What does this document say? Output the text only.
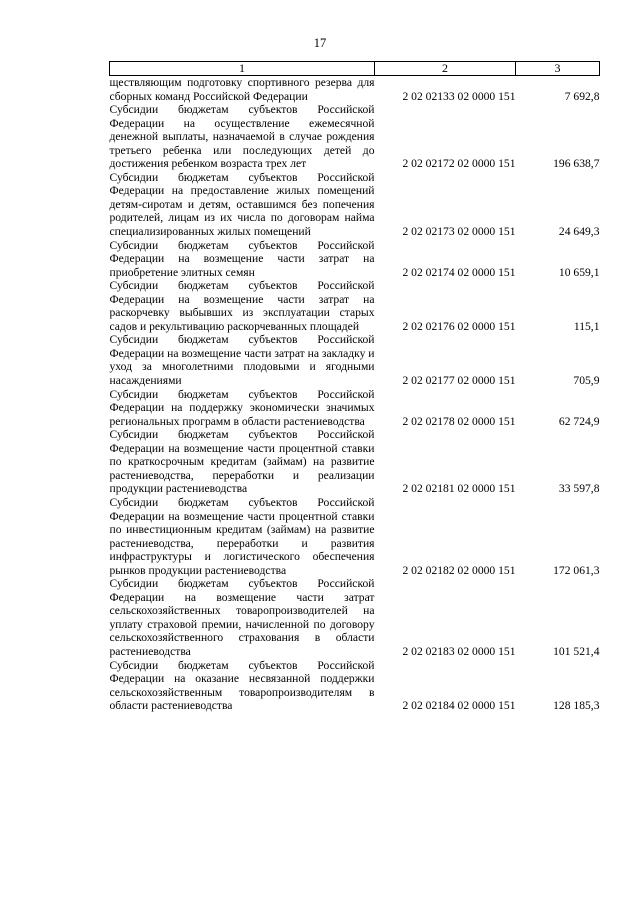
17
1	2	3
ществляющим подготовку спортивного резерва для сборных команд Российской Федерации	2 02 02133 02 0000 151	7 692,8
Субсидии бюджетам субъектов Российской Федерации на осуществление ежемесячной денежной выплаты, назначаемой в случае рождения третьего ребенка или последующих детей до достижения ребенком возраста трех лет	2 02 02172 02 0000 151	196 638,7
Субсидии бюджетам субъектов Российской Федерации на предоставление жилых помещений детям-сиротам и детям, оставшимся без попечения родителей, лицам из их числа по договорам найма специализированных жилых помещений	2 02 02173 02 0000 151	24 649,3
Субсидии бюджетам субъектов Российской Федерации на возмещение части затрат на приобретение элитных семян	2 02 02174 02 0000 151	10 659,1
Субсидии бюджетам субъектов Российской Федерации на возмещение части затрат на раскорчевку выбывших из эксплуатации старых садов и рекультивацию раскорчеванных площадей	2 02 02176 02 0000 151	115,1
Субсидии бюджетам субъектов Российской Федерации на возмещение части затрат на закладку и уход за многолетними плодовыми и ягодными насаждениями	2 02 02177 02 0000 151	705,9
Субсидии бюджетам субъектов Российской Федерации на поддержку экономически значимых региональных программ в области растениеводства	2 02 02178 02 0000 151	62 724,9
Субсидии бюджетам субъектов Российской Федерации на возмещение части процентной ставки по краткосрочным кредитам (займам) на развитие растениеводства, переработки и реализации продукции растениеводства	2 02 02181 02 0000 151	33 597,8
Субсидии бюджетам субъектов Российской Федерации на возмещение части процентной ставки по инвестиционным кредитам (займам) на развитие растениеводства, переработки и развития инфраструктуры и логистического обеспечения рынков продукции растениеводства	2 02 02182 02 0000 151	172 061,3
Субсидии бюджетам субъектов Российской Федерации на возмещение части затрат сельскохозяйственных товаропроизводителей на уплату страховой премии, начисленной по договору сельскохозяйственного страхования в области растениеводства	2 02 02183 02 0000 151	101 521,4
Субсидии бюджетам субъектов Российской Федерации на оказание несвязанной поддержки сельскохозяйственным товаропроизводителям в области растениеводства	2 02 02184 02 0000 151	128 185,3
